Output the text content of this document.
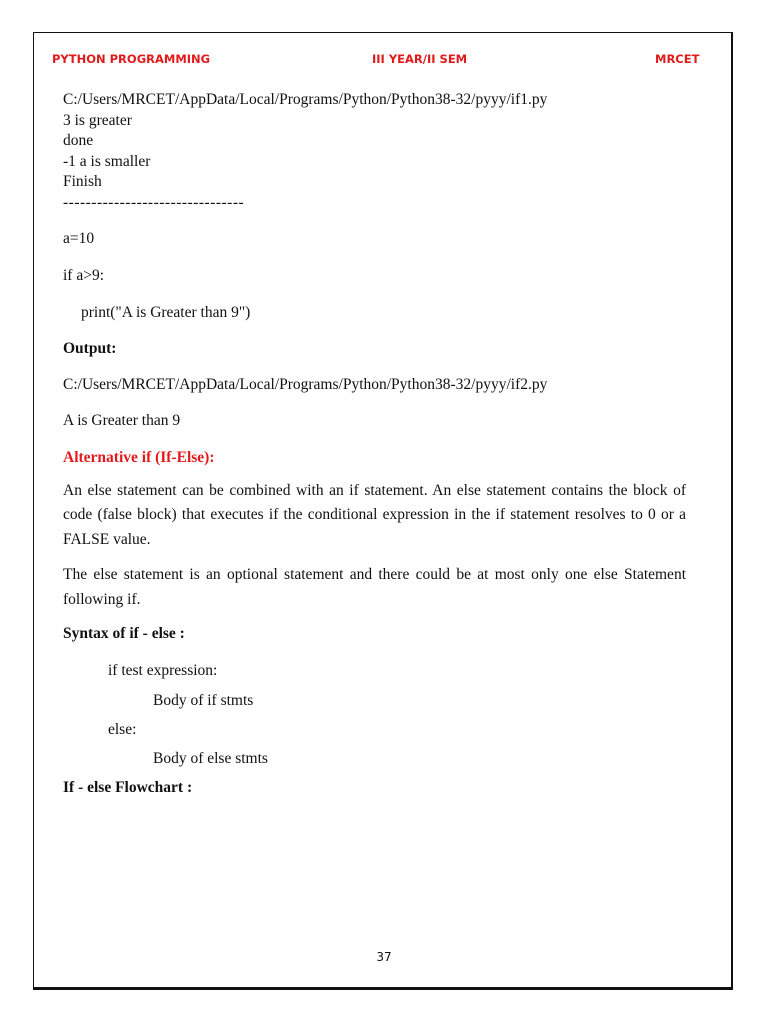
PYTHON PROGRAMMING	III YEAR/II SEM	MRCET

C:/Users/MRCET/AppData/Local/Programs/Python/Python38-32/pyyy/if1.py

3 is greater

done

-1 a is smaller

Finish

--------------------------------

a=10

if a>9:

print("A is Greater than 9")

Output:

C:/Users/MRCET/AppData/Local/Programs/Python/Python38-32/pyyy/if2.py

A is Greater than 9

Alternative if (If-Else):

An else statement can be combined with an if statement. An else statement contains the block of code (false block) that executes if the conditional expression in the if statement resolves to 0 or a FALSE value.

The else statement is an optional statement and there could be at most only one else Statement following if.

Syntax of if - else :

if test expression:

Body of if stmts

else:

Body of else stmts

If - else Flowchart :

37
